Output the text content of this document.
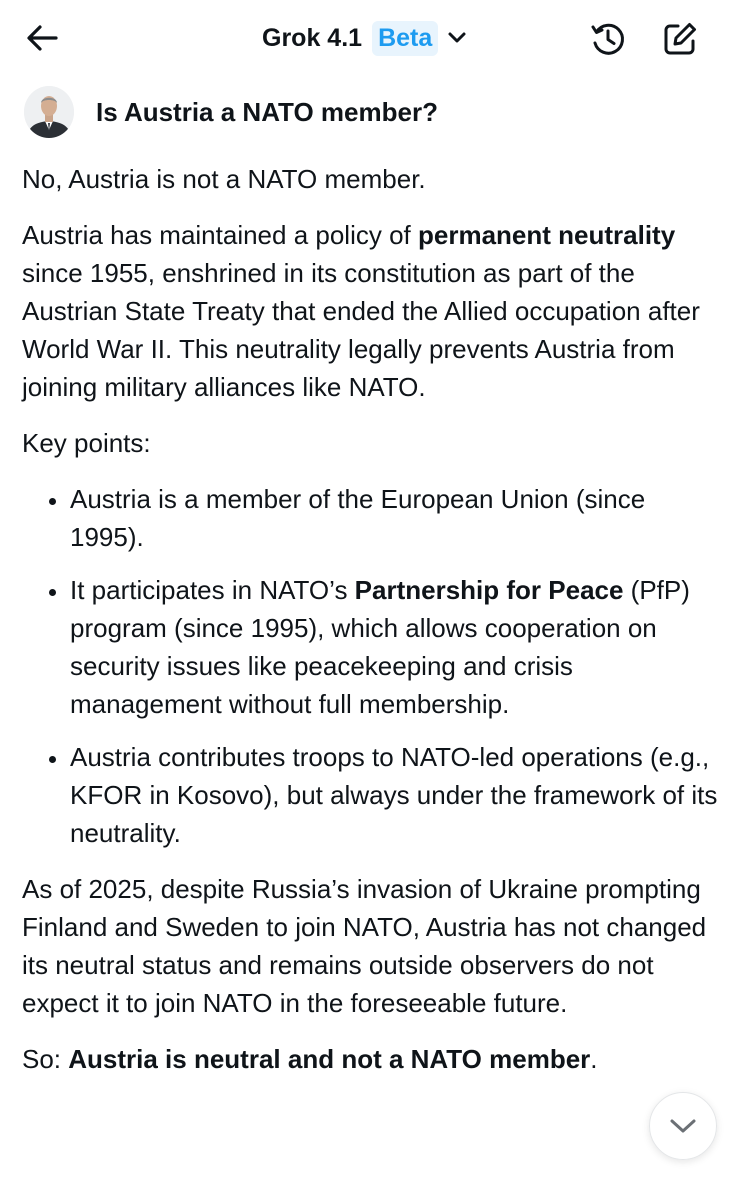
Grok 4.1 Beta
Is Austria a NATO member?

No, Austria is not a NATO member.

Austria has maintained a policy of permanent neutrality since 1955, enshrined in its constitution as part of the Austrian State Treaty that ended the Allied occupation after World War II. This neutrality legally prevents Austria from joining military alliances like NATO.

Key points:

• Austria is a member of the European Union (since 1995).
• It participates in NATO’s Partnership for Peace (PfP) program (since 1995), which allows cooperation on security issues like peacekeeping and crisis management without full membership.
• Austria contributes troops to NATO-led operations (e.g., KFOR in Kosovo), but always under the framework of its neutrality.

As of 2025, despite Russia’s invasion of Ukraine prompting Finland and Sweden to join NATO, Austria has not changed its neutral status and remains outside observers do not expect it to join NATO in the foreseeable future.

So: Austria is neutral and not a NATO member.
